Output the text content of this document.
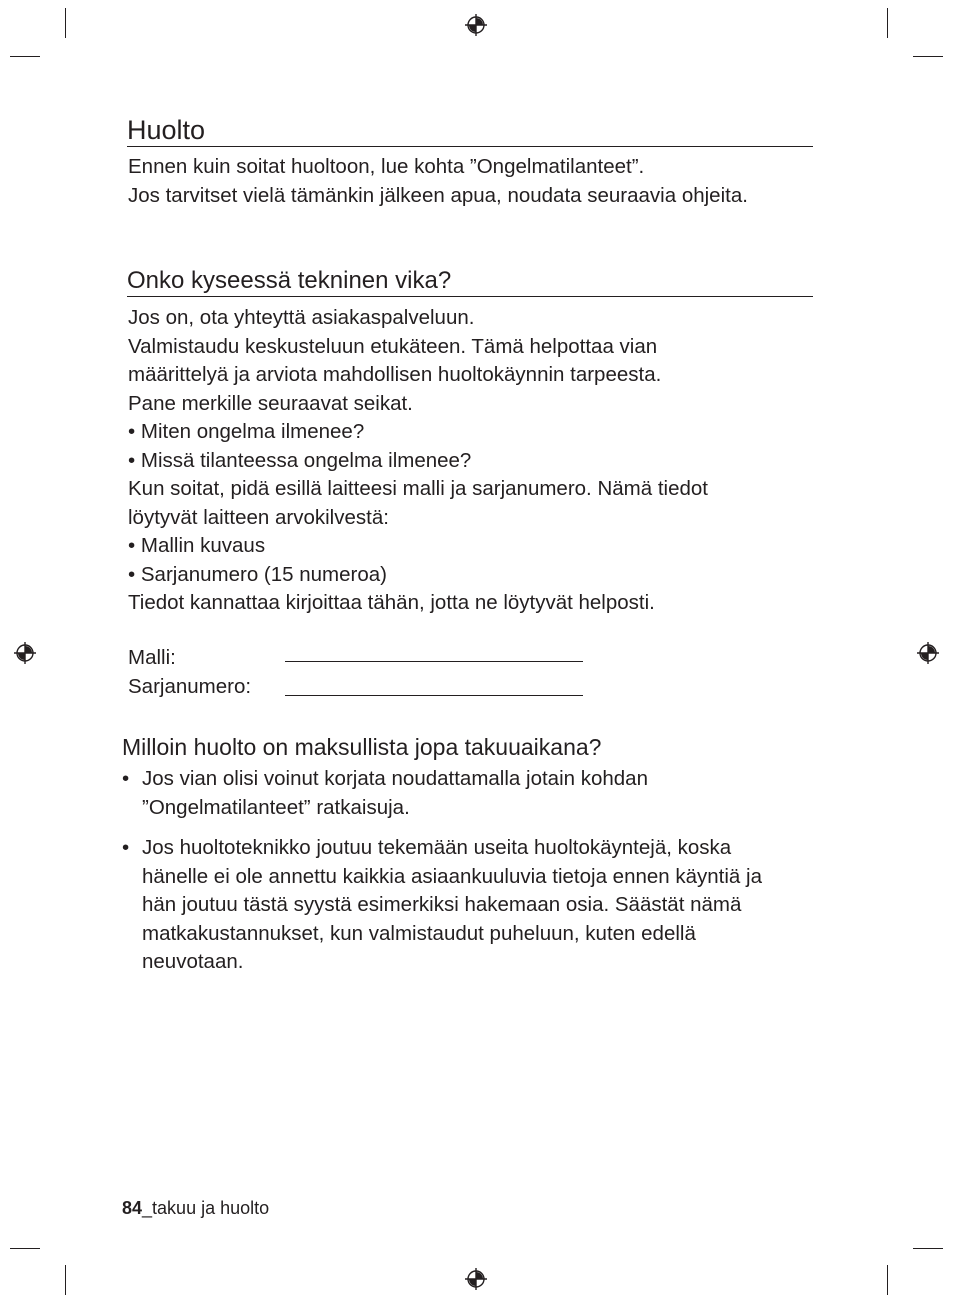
Huolto
Ennen kuin soitat huoltoon, lue kohta ”Ongelmatilanteet”.
Jos tarvitset vielä tämänkin jälkeen apua, noudata seuraavia ohjeita.
Onko kyseessä tekninen vika?
Jos on, ota yhteyttä asiakaspalveluun.
Valmistaudu keskusteluun etukäteen. Tämä helpottaa vian
määrittelyä ja arviota mahdollisen huoltokäynnin tarpeesta.
Pane merkille seuraavat seikat.
• Miten ongelma ilmenee?
• Missä tilanteessa ongelma ilmenee?
Kun soitat, pidä esillä laitteesi malli ja sarjanumero. Nämä tiedot
löytyvät laitteen arvokilvestä:
• Mallin kuvaus
• Sarjanumero (15 numeroa)
Tiedot kannattaa kirjoittaa tähän, jotta ne löytyvät helposti.
Malli:
Sarjanumero:
Milloin huolto on maksullista jopa takuuaikana?
• Jos vian olisi voinut korjata noudattamalla jotain kohdan
”Ongelmatilanteet” ratkaisuja.
• Jos huoltoteknikko joutuu tekemään useita huoltokäyntejä, koska
hänelle ei ole annettu kaikkia asiaankuuluvia tietoja ennen käyntiä ja
hän joutuu tästä syystä esimerkiksi hakemaan osia. Säästät nämä
matkakustannukset, kun valmistaudut puheluun, kuten edellä
neuvotaan.
84_takuu ja huolto
